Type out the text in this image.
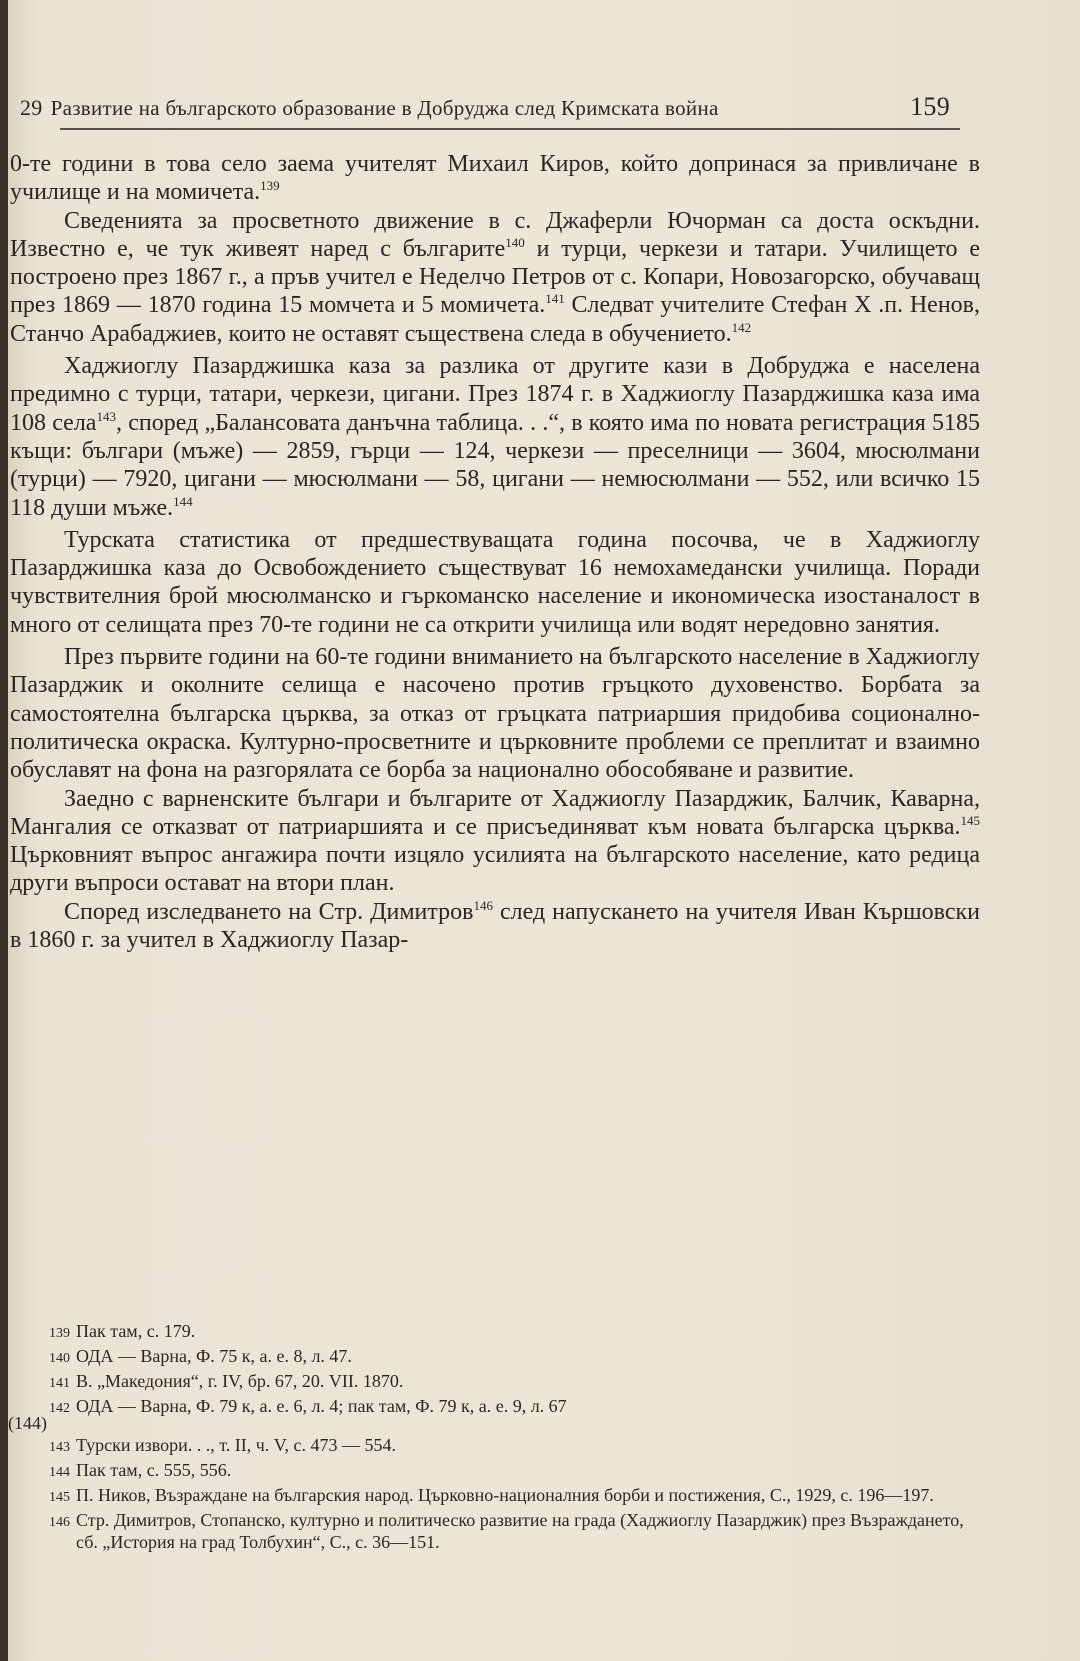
29 Развитие на българското образование в Добруджа след Кримската война	159

0-те години в това село заема учителят Михаил Киров, който допринася за привличане в училище и на момичета.$^{139}$

Сведенията за просветното движение в с. Джаферли Ючорман са доста оскъдни. Известно е, че тук живеят наред с българите$^{140}$ и турци, черкези и татари. Училището е построено през 1867 г., а пръв учител е Неделчо Петров от с. Копари, Новозагорско, обучаващ през 1869 — 1870 година 15 момчета и 5 момичета.$^{141}$ Следват учителите Стефан Х .п. Ненов, Станчо Арабаджиев, които не оставят съществена следа в обучението.$^{142}$

Хаджиоглу Пазарджишка каза за разлика от другите кази в Добруджа е населена предимно с турци, татари, черкези, цигани. През 1874 г. в Хаджиоглу Пазарджишка каза има 108 села$^{143}$, според „Балансовата данъчна таблица. . .“, в която има по новата регистрация 5185 къщи: българи (мъже) — 2859, гърци — 124, черкези — преселници — 3604, мюсюлмани (турци) — 7920, цигани — мюсюлмани — 58, цигани — немюсюлмани — 552, или всичко 15 118 души мъже.$^{144}$

Турската статистика от предшествуващата година посочва, че в Хаджиоглу Пазарджишка каза до Освобождението съществуват 16 немохамедански училища. Поради чувствителния брой мюсюлманско и гъркоманско население и икономическа изостаналост в много от селищата през 70-те години не са открити училища или водят нередовно занятия.

През първите години на 60-те години вниманието на българското население в Хаджиоглу Пазарджик и околните селища е насочено против гръцкото духовенство. Борбата за самостоятелна българска църква, за отказ от гръцката патриаршия придобива соционално-политическа окраска. Културно-просветните и църковните проблеми се преплитат и взаимно обуславят на фона на разгорялата се борба за национално обособяване и развитие.

Заедно с варненските българи и българите от Хаджиоглу Пазарджик, Балчик, Каварна, Мангалия се отказват от патриаршията и се присъединяват към новата българска църква.$^{145}$ Църковният въпрос ангажира почти изцяло усилията на българското население, като редица други въпроси остават на втори план.

Според изследването на Стр. Димитров$^{146}$ след напускането на учителя Иван Кършовски в 1860 г. за учител в Хаджиоглу Пазар-

(144)
139 Пак там, с. 179.
140 ОДА — Варна, Ф. 75 к, а. е. 8, л. 47.
141 В. „Македония“, г. IV, бр. 67, 20. VII. 1870.
142 ОДА — Варна, Ф. 79 к, а. е. 6, л. 4; пак там, Ф. 79 к, а. е. 9, л. 67
143 Турски извори. . ., т. II, ч. V, с. 473 — 554.
144 Пак там, с. 555, 556.
145 П. Ников, Възраждане на българския народ. Църковно-националния борби и постижения, С., 1929, с. 196—197.
146 Стр. Димитров, Стопанско, културно и политическо развитие на града (Хаджиоглу Пазарджик) през Възраждането, сб. „История на град Толбухин“, С., с. 36—151.
